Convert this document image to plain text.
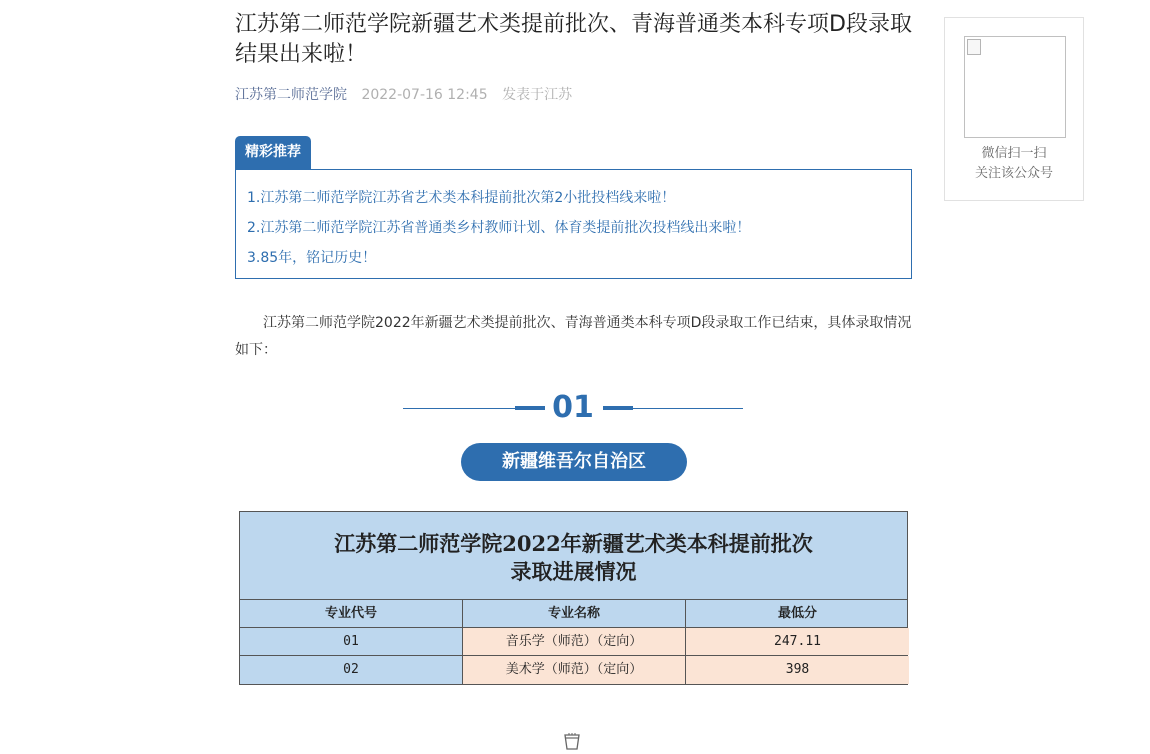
江苏第二师范学院新疆艺术类提前批次、青海普通类本科专项D段录取结果出来啦！
江苏第二师范学院 2022-07-16 12:45 发表于江苏
精彩推荐
1.江苏第二师范学院江苏省艺术类本科提前批次第2小批投档线来啦！
2.江苏第二师范学院江苏省普通类乡村教师计划、体育类提前批次投档线出来啦！
3.85年，铭记历史！

江苏第二师范学院2022年新疆艺术类提前批次、青海普通类本科专项D段录取工作已结束，具体录取情况如下：

01
新疆维吾尔自治区
江苏第二师范学院2022年新疆艺术类本科提前批次
录取进展情况
专业代号	专业名称	最低分
01	音乐学（师范）（定向）	247.11
02	美术学（师范）（定向）	398
微信扫一扫
关注该公众号
